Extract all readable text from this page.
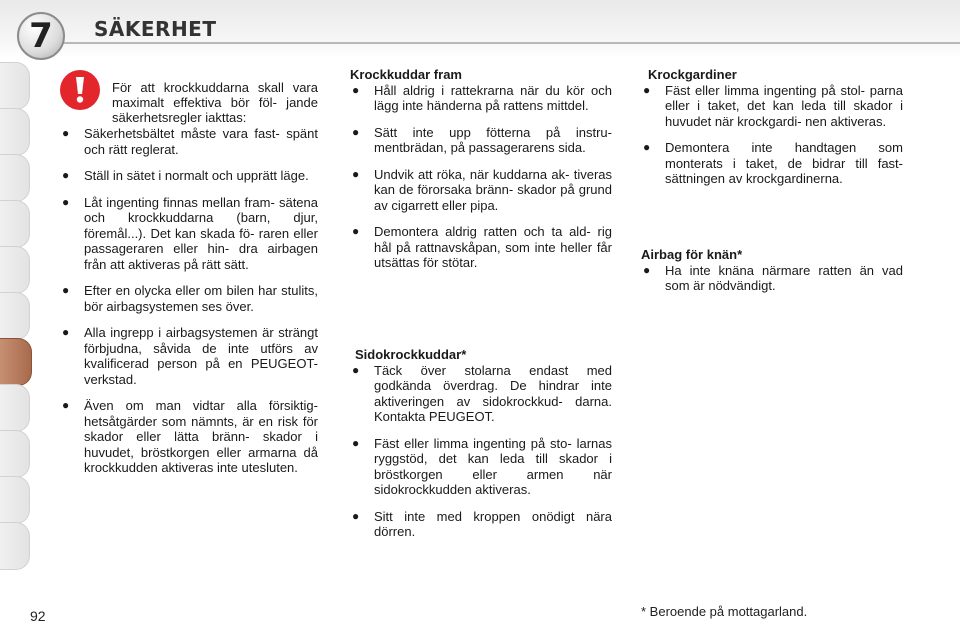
7	SÄKERHET

För att krockkuddarna skall vara maximalt effektiva bör föl- jande säkerhetsregler iakttas:

● Säkerhetsbältet måste vara fast- spänt och rätt reglerat.
● Ställ in sätet i normalt och upprätt läge.
● Låt ingenting finnas mellan fram- sätena och krockkuddarna (barn, djur, föremål...). Det kan skada fö- raren eller passageraren eller hin- dra airbagen från att aktiveras på rätt sätt.
● Efter en olycka eller om bilen har stulits, bör airbagsystemen ses över.
● Alla ingrepp i airbagsystemen är strängt förbjudna, såvida de inte utförs av kvalificerad person på en PEUGEOT-verkstad.
● Även om man vidtar alla försiktig- hetsåtgärder som nämnts, är en risk för skador eller lätta bränn- skador i huvudet, bröstkorgen eller armarna då krockkudden aktiveras inte utesluten.

Krockkuddar fram

● Håll aldrig i rattekrarna när du kör och lägg inte händerna på rattens mittdel.
● Sätt inte upp fötterna på instru- mentbrädan, på passagerarens sida.
● Undvik att röka, när kuddarna ak- tiveras kan de förorsaka bränn- skador på grund av cigarrett eller pipa.
● Demontera aldrig ratten och ta ald- rig hål på rattnavskåpan, som inte heller får utsättas för stötar.

Sidokrockkuddar*

● Täck över stolarna endast med godkända överdrag. De hindrar inte aktiveringen av sidokrockkud- darna. Kontakta PEUGEOT.
● Fäst eller limma ingenting på sto- larnas ryggstöd, det kan leda till skador i bröstkorgen eller armen när sidokrockkudden aktiveras.
● Sitt inte med kroppen onödigt nära dörren.

Krockgardiner

● Fäst eller limma ingenting på stol- parna eller i taket, det kan leda till skador i huvudet när krockgardi- nen aktiveras.
● Demontera inte handtagen som monterats i taket, de bidrar till fast- sättningen av krockgardinerna.

Airbag för knän*

● Ha inte knäna närmare ratten än vad som är nödvändigt.
92	* Beroende på mottagarland.
